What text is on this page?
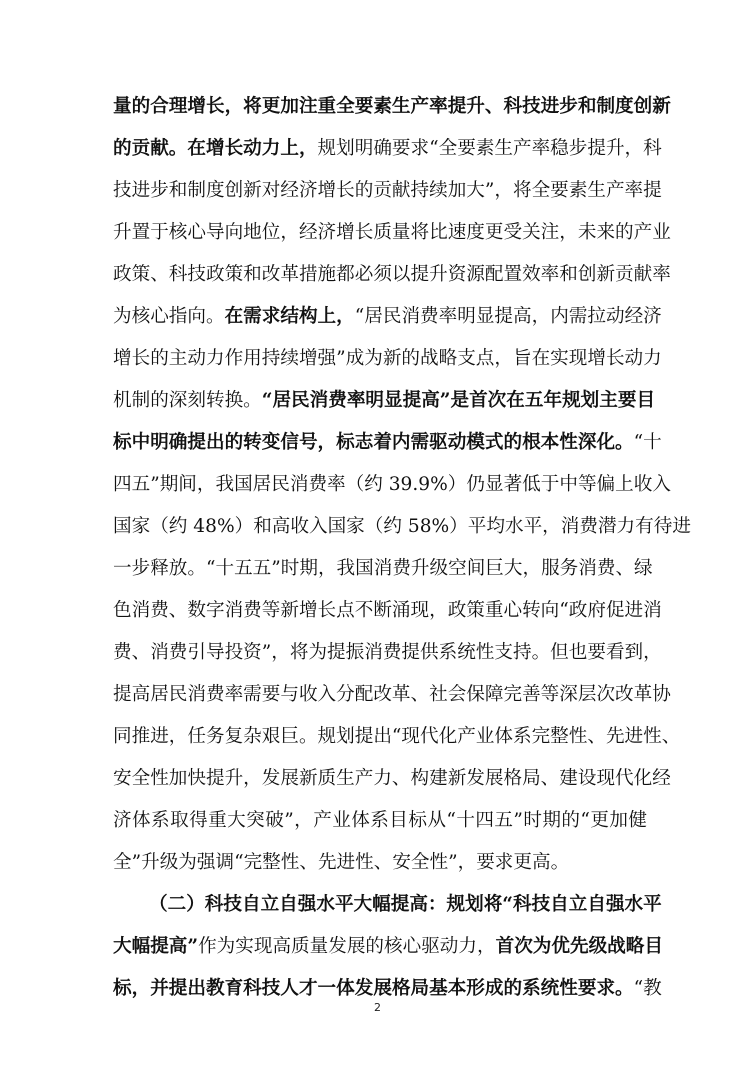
量的合理增长，将更加注重全要素生产率提升、科技进步和制度创新
的贡献。在增长动力上，规划明确要求“全要素生产率稳步提升，科
技进步和制度创新对经济增长的贡献持续加大”，将全要素生产率提
升置于核心导向地位，经济增长质量将比速度更受关注，未来的产业
政策、科技政策和改革措施都必须以提升资源配置效率和创新贡献率
为核心指向。在需求结构上，“居民消费率明显提高，内需拉动经济
增长的主动力作用持续增强”成为新的战略支点，旨在实现增长动力
机制的深刻转换。“居民消费率明显提高”是首次在五年规划主要目
标中明确提出的转变信号，标志着内需驱动模式的根本性深化。“十
四五”期间，我国居民消费率（约 39.9%）仍显著低于中等偏上收入
国家（约 48%）和高收入国家（约 58%）平均水平，消费潜力有待进
一步释放。“十五五”时期，我国消费升级空间巨大，服务消费、绿
色消费、数字消费等新增长点不断涌现，政策重心转向“政府促进消
费、消费引导投资”，将为提振消费提供系统性支持。但也要看到，
提高居民消费率需要与收入分配改革、社会保障完善等深层次改革协
同推进，任务复杂艰巨。规划提出“现代化产业体系完整性、先进性、
安全性加快提升，发展新质生产力、构建新发展格局、建设现代化经
济体系取得重大突破”，产业体系目标从“十四五”时期的“更加健
全”升级为强调“完整性、先进性、安全性”，要求更高。
（二）科技自立自强水平大幅提高：规划将“科技自立自强水平
大幅提高”作为实现高质量发展的核心驱动力，首次为优先级战略目
标，并提出教育科技人才一体发展格局基本形成的系统性要求。“教
2
